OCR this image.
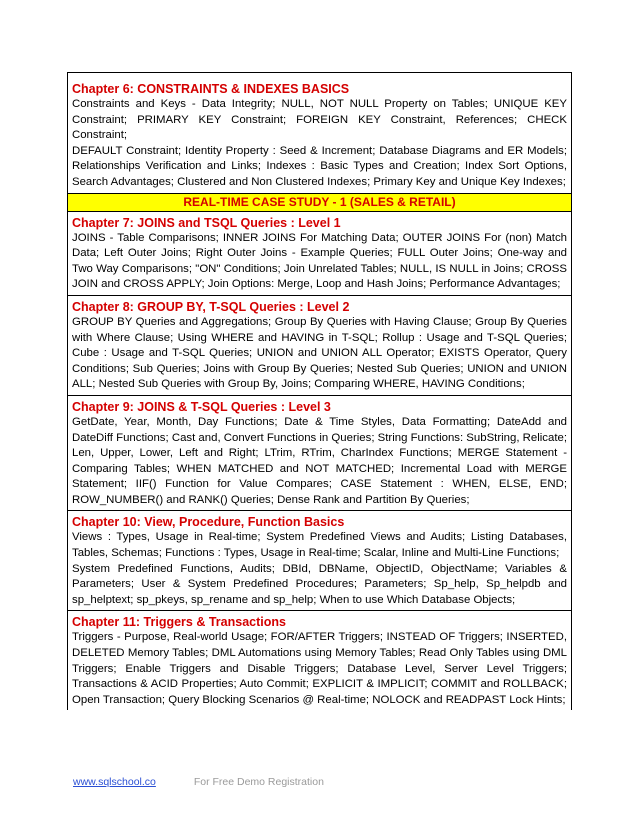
Chapter 6: CONSTRAINTS & INDEXES BASICS

Constraints and Keys - Data Integrity; NULL, NOT NULL Property on Tables; UNIQUE KEY Constraint; PRIMARY KEY Constraint; FOREIGN KEY Constraint, References; CHECK Constraint;

DEFAULT Constraint; Identity Property : Seed & Increment; Database Diagrams and ER Models; Relationships Verification and Links; Indexes : Basic Types and Creation; Index Sort Options, Search Advantages; Clustered and Non Clustered Indexes; Primary Key and Unique Key Indexes;

REAL-TIME CASE STUDY - 1 (SALES & RETAIL)

Chapter 7: JOINS and TSQL Queries : Level 1

JOINS - Table Comparisons; INNER JOINS For Matching Data; OUTER JOINS For (non) Match Data; Left Outer Joins; Right Outer Joins - Example Queries; FULL Outer Joins; One-way and Two Way Comparisons; "ON" Conditions; Join Unrelated Tables; NULL, IS NULL in Joins; CROSS JOIN and CROSS APPLY; Join Options: Merge, Loop and Hash Joins; Performance Advantages;

Chapter 8: GROUP BY, T-SQL Queries : Level 2

GROUP BY Queries and Aggregations; Group By Queries with Having Clause; Group By Queries with Where Clause; Using WHERE and HAVING in T-SQL; Rollup : Usage and T-SQL Queries; Cube : Usage and T-SQL Queries; UNION and UNION ALL Operator; EXISTS Operator, Query Conditions; Sub Queries; Joins with Group By Queries; Nested Sub Queries; UNION and UNION ALL; Nested Sub Queries with Group By, Joins; Comparing WHERE, HAVING Conditions;

Chapter 9: JOINS & T-SQL Queries : Level 3

GetDate, Year, Month, Day Functions; Date & Time Styles, Data Formatting; DateAdd and DateDiff Functions; Cast and, Convert Functions in Queries; String Functions: SubString, Relicate; Len, Upper, Lower, Left and Right; LTrim, RTrim, CharIndex Functions; MERGE Statement - Comparing Tables; WHEN MATCHED and NOT MATCHED; Incremental Load with MERGE Statement; IIF() Function for Value Compares; CASE Statement : WHEN, ELSE, END; ROW_NUMBER() and RANK() Queries; Dense Rank and Partition By Queries;

Chapter 10: View, Procedure, Function Basics

Views : Types, Usage in Real-time; System Predefined Views and Audits; Listing Databases, Tables, Schemas; Functions : Types, Usage in Real-time; Scalar, Inline and Multi-Line Functions;

System Predefined Functions, Audits; DBId, DBName, ObjectID, ObjectName; Variables & Parameters; User & System Predefined Procedures; Parameters; Sp_help, Sp_helpdb and sp_helptext; sp_pkeys, sp_rename and sp_help; When to use Which Database Objects;

Chapter 11: Triggers & Transactions

Triggers - Purpose, Real-world Usage; FOR/AFTER Triggers; INSTEAD OF Triggers; INSERTED, DELETED Memory Tables; DML Automations using Memory Tables; Read Only Tables using DML Triggers; Enable Triggers and Disable Triggers; Database Level, Server Level Triggers; Transactions & ACID Properties; Auto Commit; EXPLICIT & IMPLICIT; COMMIT and ROLLBACK; Open Transaction; Query Blocking Scenarios @ Real-time; NOLOCK and READPAST Lock Hints;

www.sqlschool.co	For Free Demo Registration
